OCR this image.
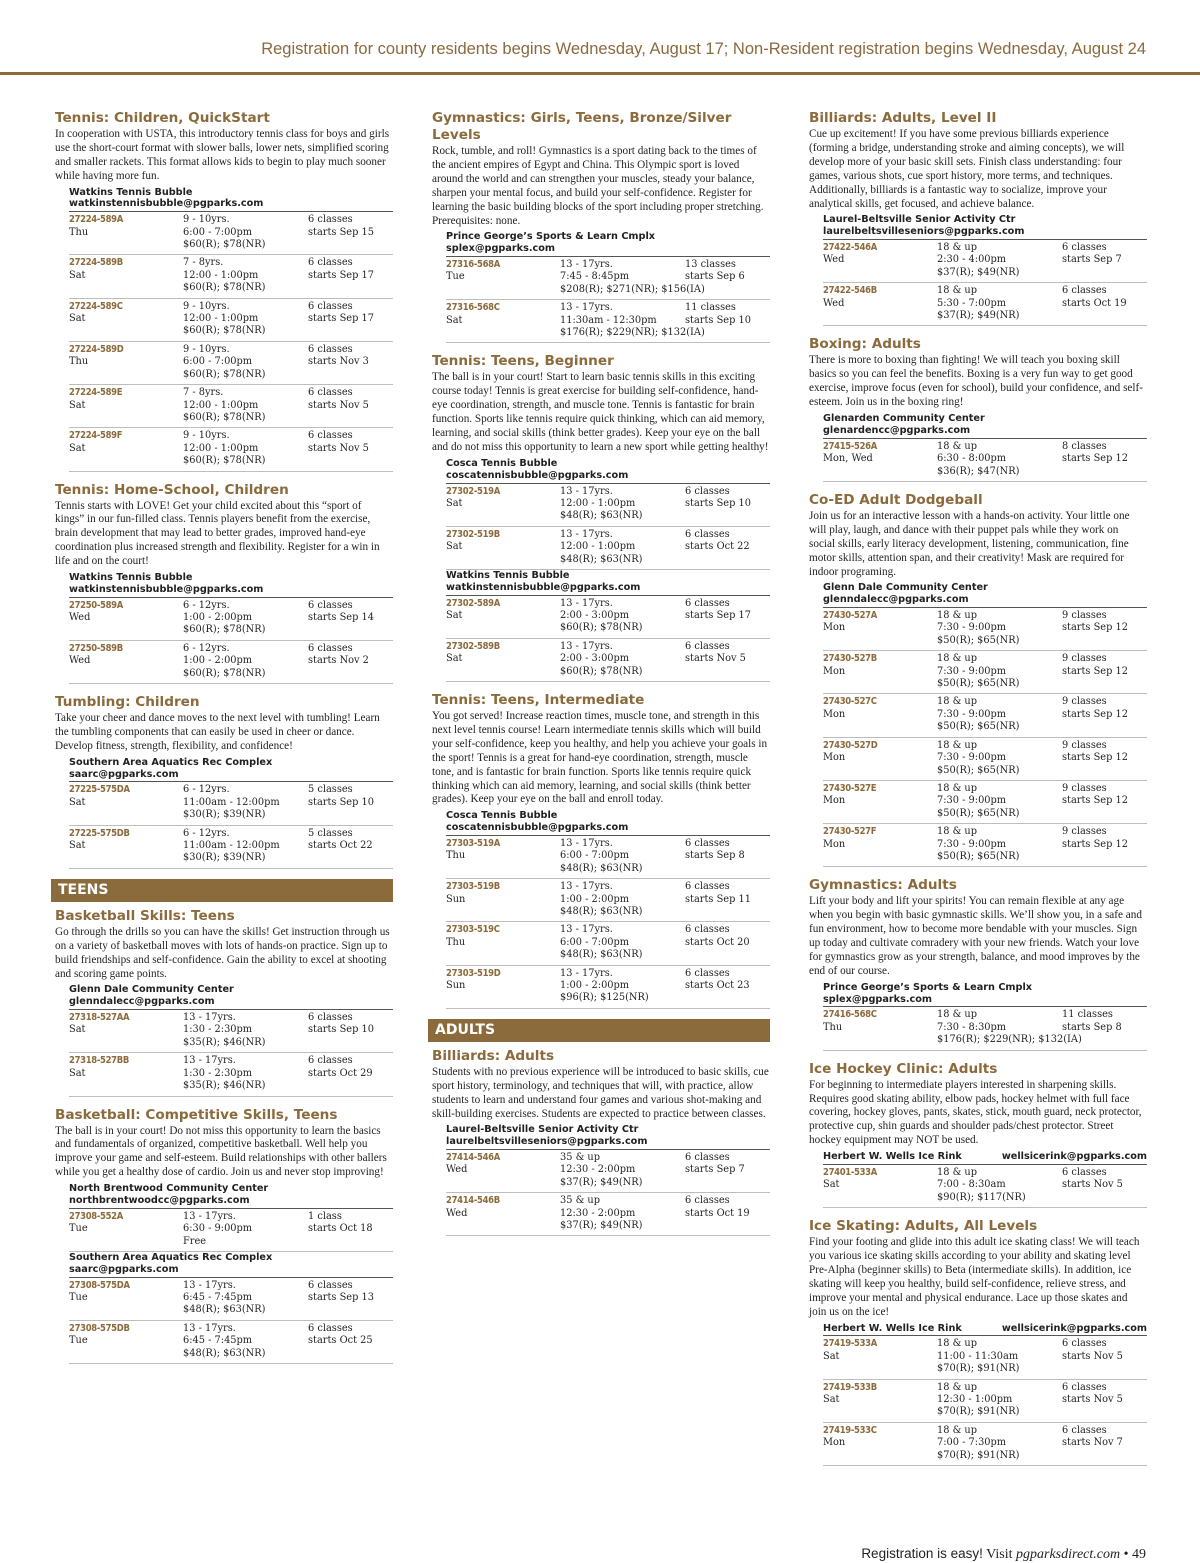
Registration for county residents begins Wednesday, August 17; Non-Resident registration begins Wednesday, August 24
Tennis: Children, QuickStart
In cooperation with USTA, this introductory tennis class for boys and girls use the short-court format with slower balls, lower nets, simplified scoring and smaller rackets. This format allows kids to begin to play much sooner while having more fun.
Watkins Tennis Bubble
watkinstennisbubble@pgparks.com
27224-589A	9 - 10yrs.	6 classes
Thu	6:00 - 7:00pm	starts Sep 15
$60(R); $78(NR)
27224-589B	7 - 8yrs.	6 classes
Sat	12:00 - 1:00pm	starts Sep 17
$60(R); $78(NR)
27224-589C	9 - 10yrs.	6 classes
Sat	12:00 - 1:00pm	starts Sep 17
$60(R); $78(NR)
27224-589D	9 - 10yrs.	6 classes
Thu	6:00 - 7:00pm	starts Nov 3
$60(R); $78(NR)
27224-589E	7 - 8yrs.	6 classes
Sat	12:00 - 1:00pm	starts Nov 5
$60(R); $78(NR)
27224-589F	9 - 10yrs.	6 classes
Sat	12:00 - 1:00pm	starts Nov 5
$60(R); $78(NR)
Tennis: Home-School, Children
Tennis starts with LOVE! Get your child excited about this “sport of kings” in our fun-filled class. Tennis players benefit from the exercise, brain development that may lead to better grades, improved hand-eye coordination plus increased strength and flexibility. Register for a win in life and on the court!
Watkins Tennis Bubble
watkinstennisbubble@pgparks.com
27250-589A	6 - 12yrs.	6 classes
Wed	1:00 - 2:00pm	starts Sep 14
$60(R); $78(NR)
27250-589B	6 - 12yrs.	6 classes
Wed	1:00 - 2:00pm	starts Nov 2
$60(R); $78(NR)
Tumbling: Children
Take your cheer and dance moves to the next level with tumbling! Learn the tumbling components that can easily be used in cheer or dance. Develop fitness, strength, flexibility, and confidence!
Southern Area Aquatics Rec Complex
saarc@pgparks.com
27225-575DA	6 - 12yrs.	5 classes
Sat	11:00am - 12:00pm	starts Sep 10
$30(R); $39(NR)
27225-575DB	6 - 12yrs.	5 classes
Sat	11:00am - 12:00pm	starts Oct 22
$30(R); $39(NR)
TEENS
Basketball Skills: Teens
Go through the drills so you can have the skills! Get instruction through us on a variety of basketball moves with lots of hands-on practice. Sign up to build friendships and self-confidence. Gain the ability to excel at shooting and scoring game points.
Glenn Dale Community Center
glenndalecc@pgparks.com
27318-527AA	13 - 17yrs.	6 classes
Sat	1:30 - 2:30pm	starts Sep 10
$35(R); $46(NR)
27318-527BB	13 - 17yrs.	6 classes
Sat	1:30 - 2:30pm	starts Oct 29
$35(R); $46(NR)
Basketball: Competitive Skills, Teens
The ball is in your court! Do not miss this opportunity to learn the basics and fundamentals of organized, competitive basketball. Well help you improve your game and self-esteem. Build relationships with other ballers while you get a healthy dose of cardio. Join us and never stop improving!
North Brentwood Community Center
northbrentwoodcc@pgparks.com
27308-552A	13 - 17yrs.	1 class
Tue	6:30 - 9:00pm	starts Oct 18
Free
Southern Area Aquatics Rec Complex
saarc@pgparks.com
27308-575DA	13 - 17yrs.	6 classes
Tue	6:45 - 7:45pm	starts Sep 13
$48(R); $63(NR)
27308-575DB	13 - 17yrs.	6 classes
Tue	6:45 - 7:45pm	starts Oct 25
$48(R); $63(NR)
Gymnastics: Girls, Teens, Bronze/Silver Levels
Rock, tumble, and roll! Gymnastics is a sport dating back to the times of the ancient empires of Egypt and China. This Olympic sport is loved around the world and can strengthen your muscles, steady your balance, sharpen your mental focus, and build your self-confidence. Register for learning the basic building blocks of the sport including proper stretching. Prerequisites: none.
Prince George’s Sports & Learn Cmplx
splex@pgparks.com
27316-568A	13 - 17yrs.	13 classes
Tue	7:45 - 8:45pm	starts Sep 6
$208(R); $271(NR); $156(IA)
27316-568C	13 - 17yrs.	11 classes
Sat	11:30am - 12:30pm	starts Sep 10
$176(R); $229(NR); $132(IA)
Tennis: Teens, Beginner
The ball is in your court! Start to learn basic tennis skills in this exciting course today! Tennis is great exercise for building self-confidence, hand-eye coordination, strength, and muscle tone. Tennis is fantastic for brain function. Sports like tennis require quick thinking, which can aid memory, learning, and social skills (think better grades). Keep your eye on the ball and do not miss this opportunity to learn a new sport while getting healthy!
Cosca Tennis Bubble
coscatennisbubble@pgparks.com
27302-519A	13 - 17yrs.	6 classes
Sat	12:00 - 1:00pm	starts Sep 10
$48(R); $63(NR)
27302-519B	13 - 17yrs.	6 classes
Sat	12:00 - 1:00pm	starts Oct 22
$48(R); $63(NR)
Watkins Tennis Bubble
watkinstennisbubble@pgparks.com
27302-589A	13 - 17yrs.	6 classes
Sat	2:00 - 3:00pm	starts Sep 17
$60(R); $78(NR)
27302-589B	13 - 17yrs.	6 classes
Sat	2:00 - 3:00pm	starts Nov 5
$60(R); $78(NR)
Tennis: Teens, Intermediate
You got served! Increase reaction times, muscle tone, and strength in this next level tennis course! Learn intermediate tennis skills which will build your self-confidence, keep you healthy, and help you achieve your goals in the sport! Tennis is a great for hand-eye coordination, strength, muscle tone, and is fantastic for brain function. Sports like tennis require quick thinking which can aid memory, learning, and social skills (think better grades). Keep your eye on the ball and enroll today.
Cosca Tennis Bubble
coscatennisbubble@pgparks.com
27303-519A	13 - 17yrs.	6 classes
Thu	6:00 - 7:00pm	starts Sep 8
$48(R); $63(NR)
27303-519B	13 - 17yrs.	6 classes
Sun	1:00 - 2:00pm	starts Sep 11
$48(R); $63(NR)
27303-519C	13 - 17yrs.	6 classes
Thu	6:00 - 7:00pm	starts Oct 20
$48(R); $63(NR)
27303-519D	13 - 17yrs.	6 classes
Sun	1:00 - 2:00pm	starts Oct 23
$96(R); $125(NR)
ADULTS
Billiards: Adults
Students with no previous experience will be introduced to basic skills, cue sport history, terminology, and techniques that will, with practice, allow students to learn and understand four games and various shot-making and skill-building exercises. Students are expected to practice between classes.
Laurel-Beltsville Senior Activity Ctr
laurelbeltsvilleseniors@pgparks.com
27414-546A	35 & up	6 classes
Wed	12:30 - 2:00pm	starts Sep 7
$37(R); $49(NR)
27414-546B	35 & up	6 classes
Wed	12:30 - 2:00pm	starts Oct 19
$37(R); $49(NR)
Billiards: Adults, Level II
Cue up excitement! If you have some previous billiards experience (forming a bridge, understanding stroke and aiming concepts), we will develop more of your basic skill sets. Finish class understanding: four games, various shots, cue sport history, more terms, and techniques. Additionally, billiards is a fantastic way to socialize, improve your analytical skills, get focused, and achieve balance.
Laurel-Beltsville Senior Activity Ctr
laurelbeltsvilleseniors@pgparks.com
27422-546A	18 & up	6 classes
Wed	2:30 - 4:00pm	starts Sep 7
$37(R); $49(NR)
27422-546B	18 & up	6 classes
Wed	5:30 - 7:00pm	starts Oct 19
$37(R); $49(NR)
Boxing: Adults
There is more to boxing than fighting! We will teach you boxing skill basics so you can feel the benefits. Boxing is a very fun way to get good exercise, improve focus (even for school), build your confidence, and self-esteem. Join us in the boxing ring!
Glenarden Community Center
glenardencc@pgparks.com
27415-526A	18 & up	8 classes
Mon, Wed	6:30 - 8:00pm	starts Sep 12
$36(R); $47(NR)
Co-ED Adult Dodgeball
Join us for an interactive lesson with a hands-on activity. Your little one will play, laugh, and dance with their puppet pals while they work on social skills, early literacy development, listening, communication, fine motor skills, attention span, and their creativity! Mask are required for indoor programing.
Glenn Dale Community Center
glenndalecc@pgparks.com
27430-527A	18 & up	9 classes
Mon	7:30 - 9:00pm	starts Sep 12
$50(R); $65(NR)
27430-527B	18 & up	9 classes
Mon	7:30 - 9:00pm	starts Sep 12
$50(R); $65(NR)
27430-527C	18 & up	9 classes
Mon	7:30 - 9:00pm	starts Sep 12
$50(R); $65(NR)
27430-527D	18 & up	9 classes
Mon	7:30 - 9:00pm	starts Sep 12
$50(R); $65(NR)
27430-527E	18 & up	9 classes
Mon	7:30 - 9:00pm	starts Sep 12
$50(R); $65(NR)
27430-527F	18 & up	9 classes
Mon	7:30 - 9:00pm	starts Sep 12
$50(R); $65(NR)
Gymnastics: Adults
Lift your body and lift your spirits! You can remain flexible at any age when you begin with basic gymnastic skills. We’ll show you, in a safe and fun environment, how to become more bendable with your muscles. Sign up today and cultivate comradery with your new friends. Watch your love for gymnastics grow as your strength, balance, and mood improves by the end of our course.
Prince George’s Sports & Learn Cmplx
splex@pgparks.com
27416-568C	18 & up	11 classes
Thu	7:30 - 8:30pm	starts Sep 8
$176(R); $229(NR); $132(IA)
Ice Hockey Clinic: Adults
For beginning to intermediate players interested in sharpening skills. Requires good skating ability, elbow pads, hockey helmet with full face covering, hockey gloves, pants, skates, stick, mouth guard, neck protector, protective cup, shin guards and shoulder pads/chest protector. Street hockey equipment may NOT be used.
Herbert W. Wells Ice Rink	wellsicerink@pgparks.com
27401-533A	18 & up	6 classes
Sat	7:00 - 8:30am	starts Nov 5
$90(R); $117(NR)
Ice Skating: Adults, All Levels
Find your footing and glide into this adult ice skating class! We will teach you various ice skating skills according to your ability and skating level Pre-Alpha (beginner skills) to Beta (intermediate skills). In addition, ice skating will keep you healthy, build self-confidence, relieve stress, and improve your mental and physical endurance. Lace up those skates and join us on the ice!
Herbert W. Wells Ice Rink	wellsicerink@pgparks.com
27419-533A	18 & up	6 classes
Sat	11:00 - 11:30am	starts Nov 5
$70(R); $91(NR)
27419-533B	18 & up	6 classes
Sat	12:30 - 1:00pm	starts Nov 5
$70(R); $91(NR)
27419-533C	18 & up	6 classes
Mon	7:00 - 7:30pm	starts Nov 7
$70(R); $91(NR)
Registration is easy! Visit pgparksdirect.com • 49
